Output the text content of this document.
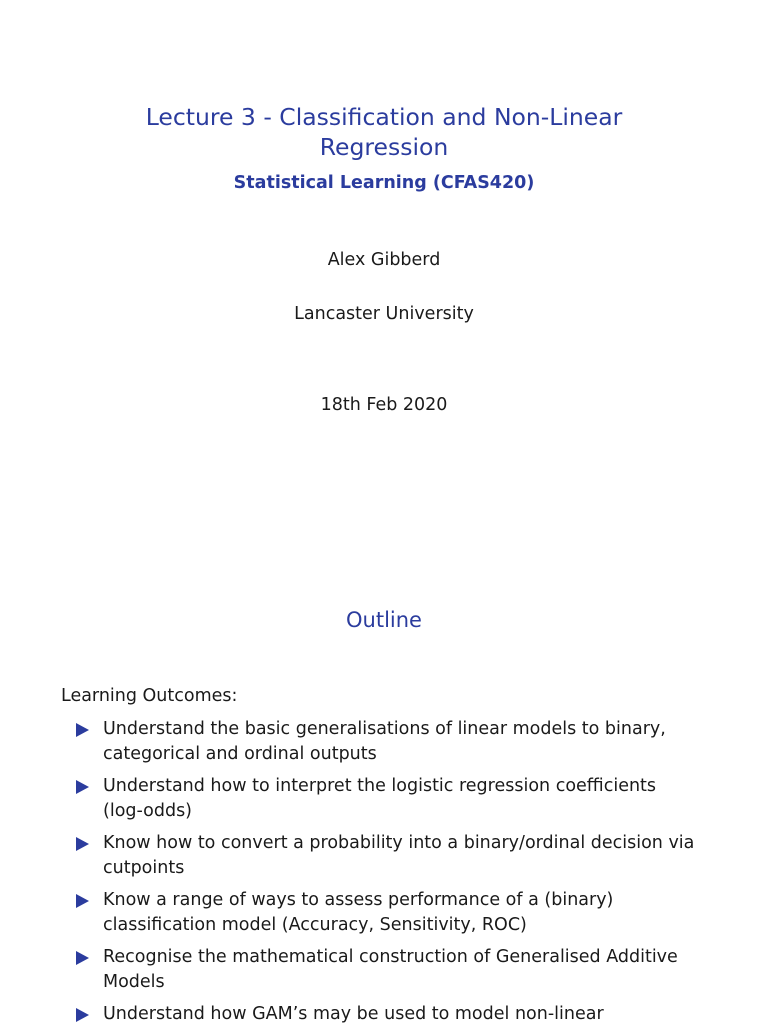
Lecture 3 - Classification and Non-Linear
Regression
Statistical Learning (CFAS420)
Alex Gibberd
Lancaster University
18th Feb 2020
Outline
Learning Outcomes:
Understand the basic generalisations of linear models to binary,
categorical and ordinal outputs
Understand how to interpret the logistic regression coefficients
(log-odds)
Know how to convert a probability into a binary/ordinal decision via
cutpoints
Know a range of ways to assess performance of a (binary)
classification model (Accuracy, Sensitivity, ROC)
Recognise the mathematical construction of Generalised Additive
Models
Understand how GAM’s may be used to model non-linear
